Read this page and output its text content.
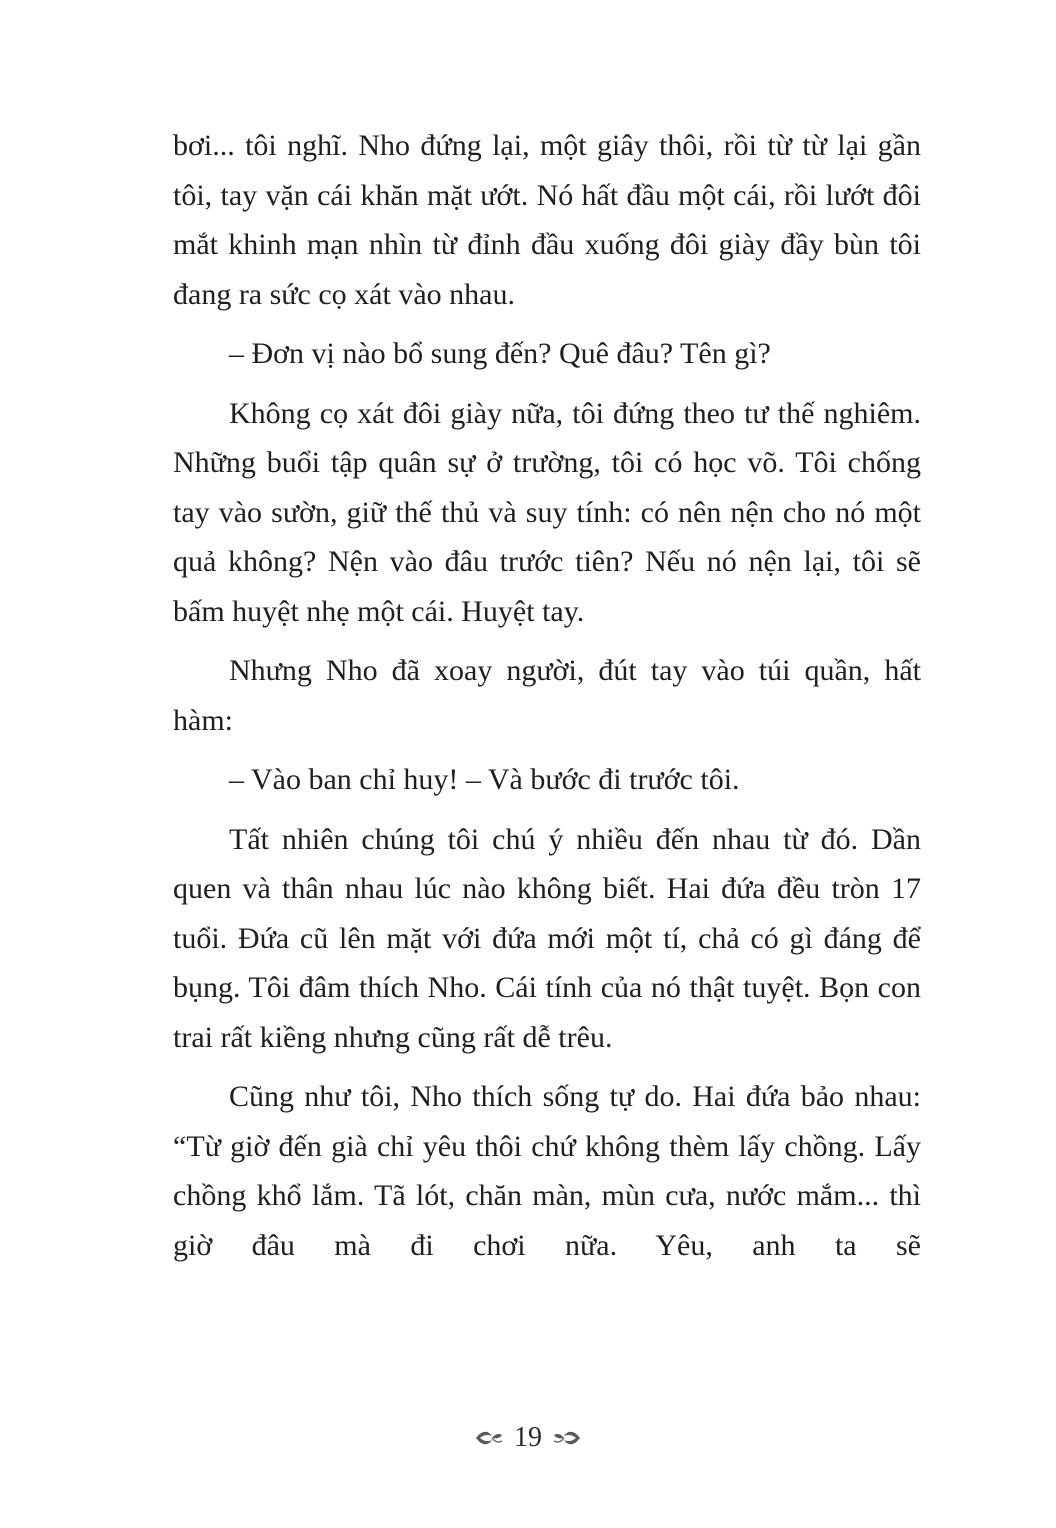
bơi... tôi nghĩ. Nho đứng lại, một giây thôi, rồi từ từ lại gần tôi, tay vặn cái khăn mặt ướt. Nó hất đầu một cái, rồi lướt đôi mắt khinh mạn nhìn từ đỉnh đầu xuống đôi giày đầy bùn tôi đang ra sức cọ xát vào nhau.

– Đơn vị nào bổ sung đến? Quê đâu? Tên gì?

Không cọ xát đôi giày nữa, tôi đứng theo tư thế nghiêm. Những buổi tập quân sự ở trường, tôi có học võ. Tôi chống tay vào sườn, giữ thế thủ và suy tính: có nên nện cho nó một quả không? Nện vào đâu trước tiên? Nếu nó nện lại, tôi sẽ bấm huyệt nhẹ một cái. Huyệt tay.

Nhưng Nho đã xoay người, đút tay vào túi quần, hất hàm:

– Vào ban chỉ huy! – Và bước đi trước tôi.

Tất nhiên chúng tôi chú ý nhiều đến nhau từ đó. Dần quen và thân nhau lúc nào không biết. Hai đứa đều tròn 17 tuổi. Đứa cũ lên mặt với đứa mới một tí, chả có gì đáng để bụng. Tôi đâm thích Nho. Cái tính của nó thật tuyệt. Bọn con trai rất kiềng nhưng cũng rất dễ trêu.

Cũng như tôi, Nho thích sống tự do. Hai đứa bảo nhau: “Từ giờ đến già chỉ yêu thôi chứ không thèm lấy chồng. Lấy chồng khổ lắm. Tã lót, chăn màn, mùn cưa, nước mắm... thì giờ đâu mà đi chơi nữa. Yêu, anh ta sẽ

19
